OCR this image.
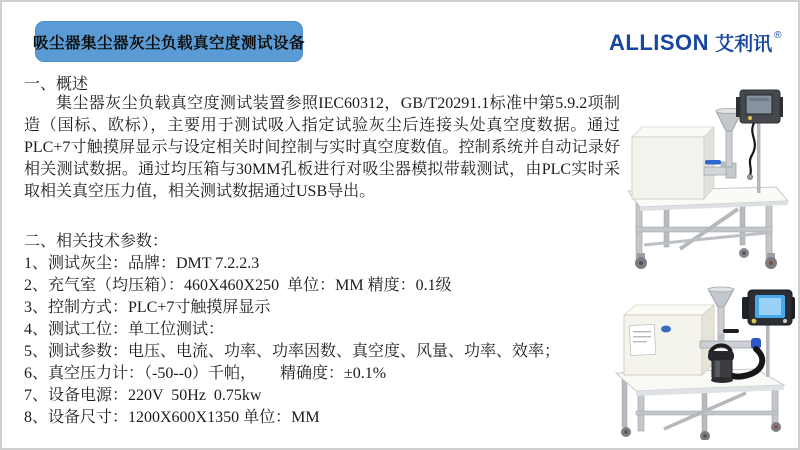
吸尘器集尘器灰尘负载真空度测试设备	ALLISON 艾利讯 ®
一、概述
集尘器灰尘负载真空度测试装置参照IEC60312，GB/T20291.1标准中第5.9.2项制造（国标、欧标），主要用于测试吸入指定试验灰尘后连接头处真空度数据。通过PLC+7寸触摸屏显示与设定相关时间控制与实时真空度数值。控制系统并自动记录好相关测试数据。通过均压箱与30MM孔板进行对吸尘器模拟带载测试，由PLC实时采取相关真空压力值，相关测试数据通过USB导出。
二、相关技术参数：
1、测试灰尘：品牌：DMT 7.2.2.3
2、充气室（均压箱）：460X460X250  单位：MM 精度：0.1级
3、控制方式：PLC+7寸触摸屏显示
4、测试工位：单工位测试：
5、测试参数：电压、电流、功率、功率因数、真空度、风量、功率、效率；
6、真空压力计：（-50--0）千帕，      精确度：±0.1%
7、设备电源：220V  50Hz  0.75kw
8、设备尺寸：1200X600X1350 单位：MM
